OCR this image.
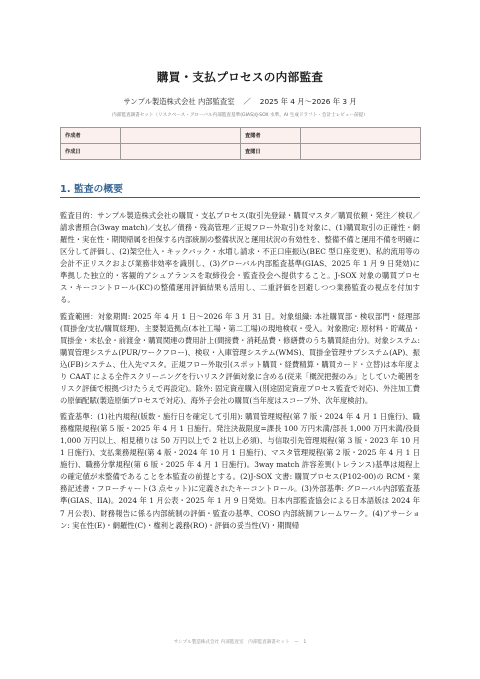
購買・支払プロセスの内部監査
サンプル製造株式会社 内部監査室 ／ 2025 年 4 月〜2026 年 3 月
内部監査調書セット（リスクベース・グローバル内部監査基準(GIAS)/J-SOX 水準。AI 生成ドラフト・会計士レビュー前提）
作成者		査閲者	
作成日		査閲日	
1. 監査の概要

監査目的：サンプル製造株式会社の購買・支払プロセス(取引先登録・購買マスタ／購買依頼・発注／検収／請求書照合(3way match)／支払／債務・残高管理／正規フロー外取引)を対象に、(1)購買取引の正確性・網羅性・実在性・期間帰属を担保する内部統制の整備状況と運用状況の有効性を、整備不備と運用不備を明確に区分して評価し、(2)架空仕入・キックバック・水増し請求・不正口座振込(BEC 型口座変更)、私的流用等の会計不正リスクおよび業務非効率を識別し、(3)グローバル内部監査基準(GIAS、2025 年 1 月 9 日発効)に準拠した独立的・客観的アシュアランスを取締役会・監査役会へ提供すること。J-SOX 対象の購買プロセス・キーコントロール(KC)の整備運用評価結果も活用し、二重評価を回避しつつ業務監査の視点を付加する。

監査範囲：対象期間: 2025 年 4 月 1 日〜2026 年 3 月 31 日。対象組織: 本社購買部・検収部門・経理部(買掛金/支払/購買経理)、主要製造拠点(本社工場・第二工場)の現地検収・受入。対象勘定: 原材料・貯蔵品・買掛金・未払金・前渡金・購買関連の費用計上(間接費・消耗品費・修繕費のうち購買経由分)。対象システム: 購買管理システム(PUR/ワークフロー)、検収・入庫管理システム(WMS)、買掛金管理サブシステム(AP)、振込(FB)システム、仕入先マスタ。正規フロー外取引(スポット購買・経費精算・購買カード・立替)は本年度より CAAT による全件スクリーニングを行いリスク評価対象に含める(従来「概況把握のみ」としていた範囲をリスク評価で根拠づけたうえで再設定)。除外: 固定資産購入(別途固定資産プロセス監査で対応)、外注加工費の原価配賦(製造原価プロセスで対応)、海外子会社の購買(当年度はスコープ外、次年度検討)。

監査基準：(1)社内規程(版数・施行日を確定して引用): 購買管理規程(第 7 版・2024 年 4 月 1 日施行)、職務権限規程(第 5 版・2025 年 4 月 1 日施行。発注決裁限度=課長 100 万円未満/部長 1,000 万円未満/役員 1,000 万円以上、相見積りは 50 万円以上で 2 社以上必須)、与信取引先管理規程(第 3 版・2023 年 10 月 1 日施行)、支払業務規程(第 4 版・2024 年 10 月 1 日施行)、マスタ管理規程(第 2 版・2025 年 4 月 1 日施行)、職務分掌規程(第 6 版・2025 年 4 月 1 日施行)。3way match 許容差異(トレランス)基準は規程上の確定値が未整備であることを本監査の前提とする。(2)J-SOX 文書: 購買プロセス(P102-00)の RCM・業務記述書・フローチャート(3 点セット)に定義されたキーコントロール。(3)外部基準: グローバル内部監査基準(GIAS、IIA)。2024 年 1 月公表・2025 年 1 月 9 日発効。日本内部監査協会による日本語版は 2024 年 7 月公表)、財務報告に係る内部統制の評価・監査の基準、COSO 内部統制フレームワーク。(4)アサーション: 実在性(E)・網羅性(C)・権利と義務(RO)・評価の妥当性(V)・期間帰

サンプル製造株式会社 内部監査室　内部監査調書セット　—　1
